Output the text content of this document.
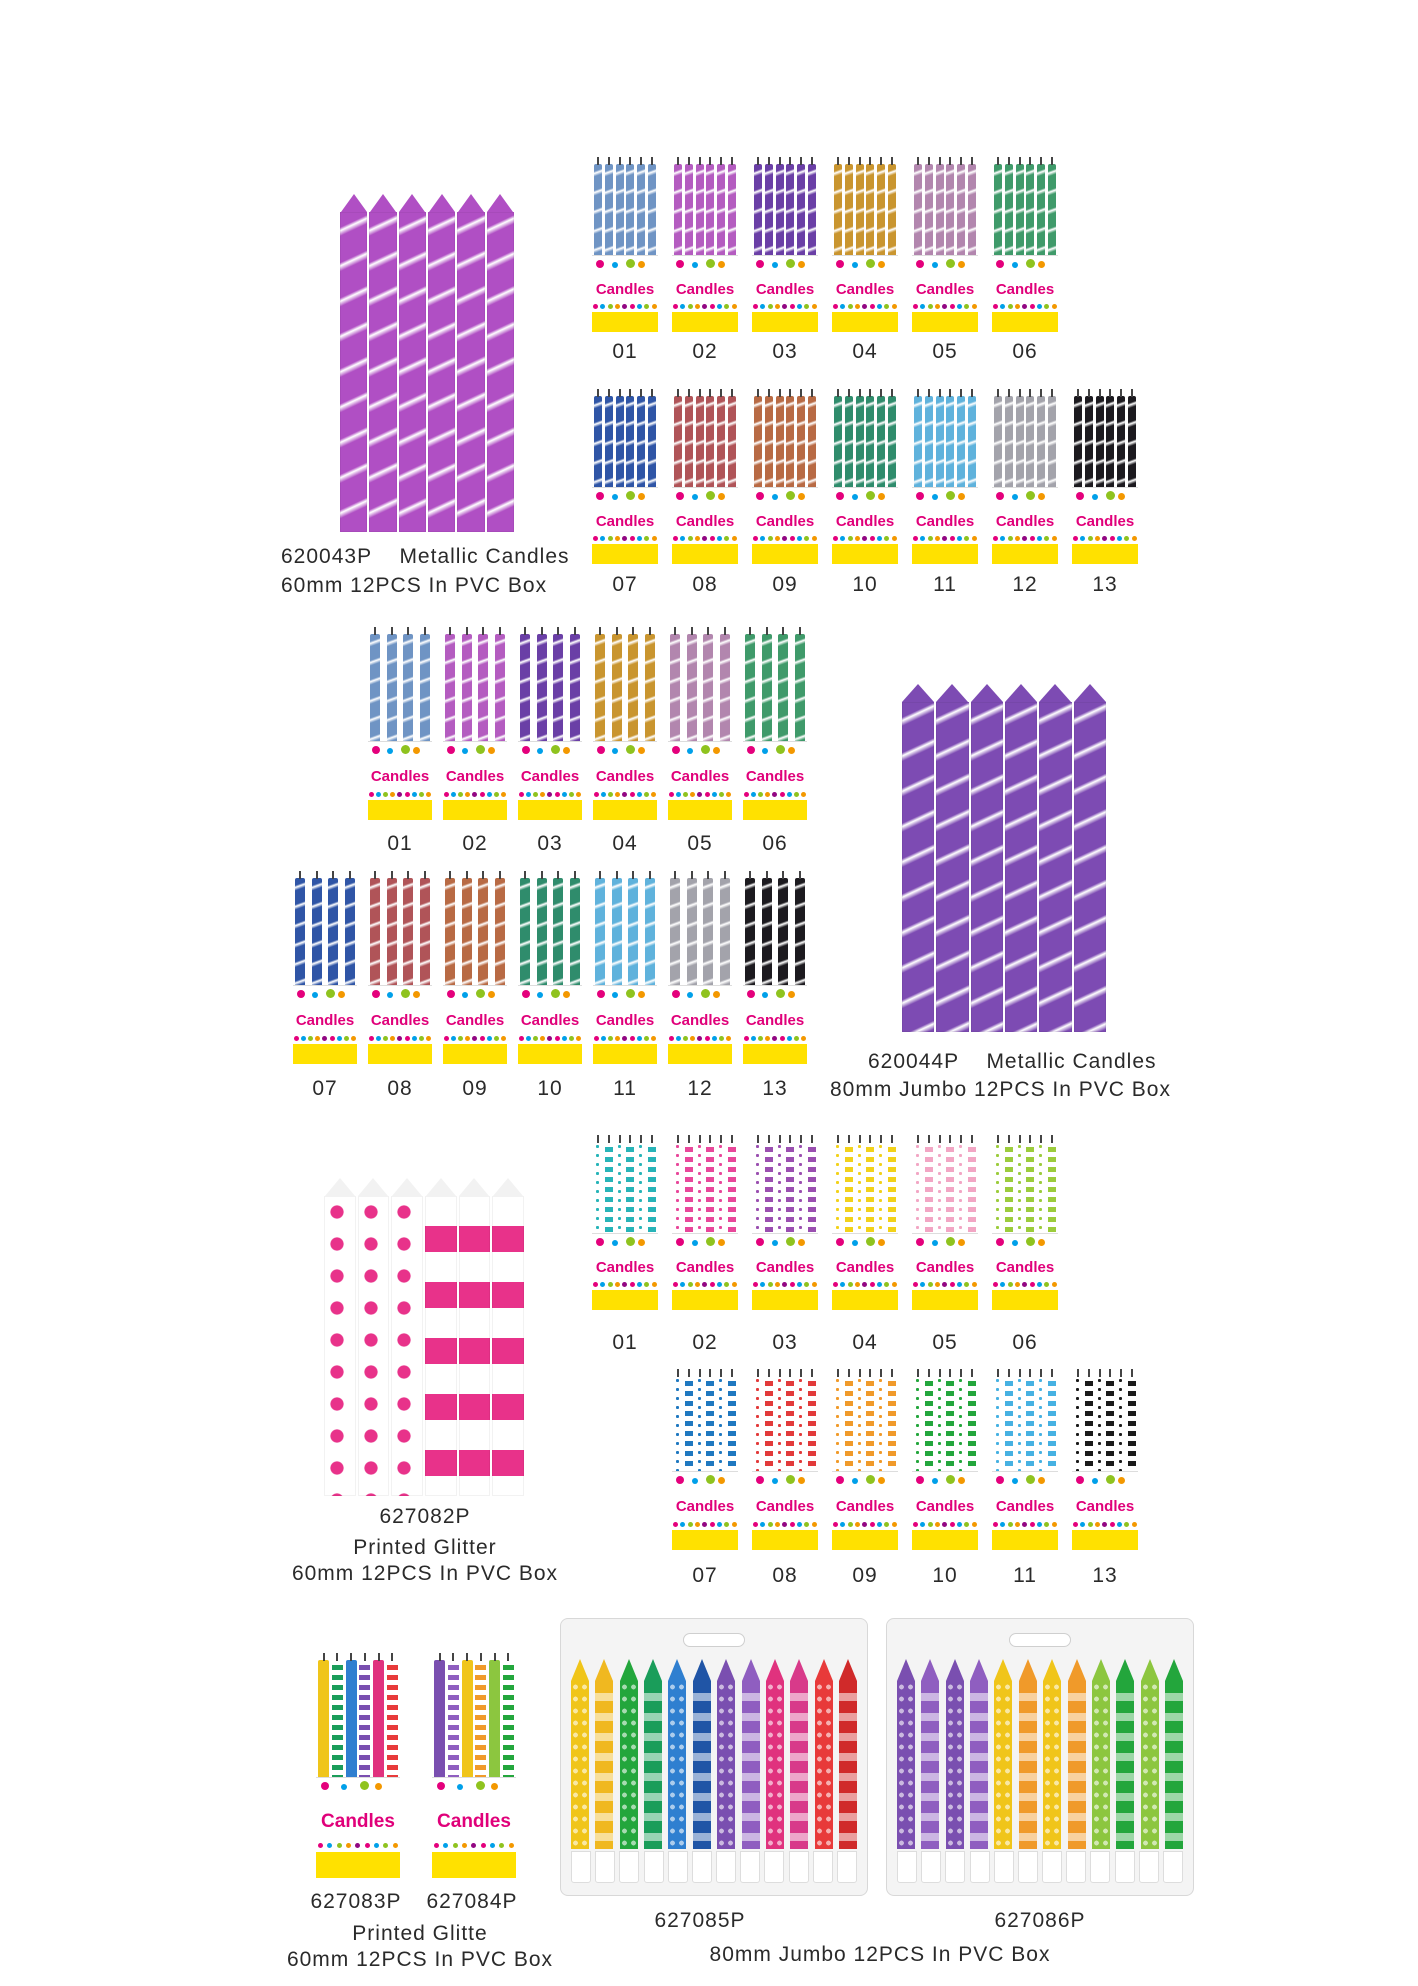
620043P Metallic Candles
60mm 12PCS In PVC Box
Candles
01
Candles
02
Candles
03
Candles
04
Candles
05
Candles
06
Candles
07
Candles
08
Candles
09
Candles
10
Candles
11
Candles
12
Candles
13
620044P Metallic Candles
80mm Jumbo 12PCS In PVC Box
Candles
01
Candles
02
Candles
03
Candles
04
Candles
05
Candles
06
Candles
07
Candles
08
Candles
09
Candles
10
Candles
11
Candles
12
Candles
13
627082P
Printed Glitter
60mm 12PCS In PVC Box
Candles
01
Candles
02
Candles
03
Candles
04
Candles
05
Candles
06
Candles
07
Candles
08
Candles
09
Candles
10
Candles
11
Candles
13
Candles Candles
627083P 627084P
Printed Glitte
60mm 12PCS In PVC Box
627085P	627086P
80mm Jumbo 12PCS In PVC Box
